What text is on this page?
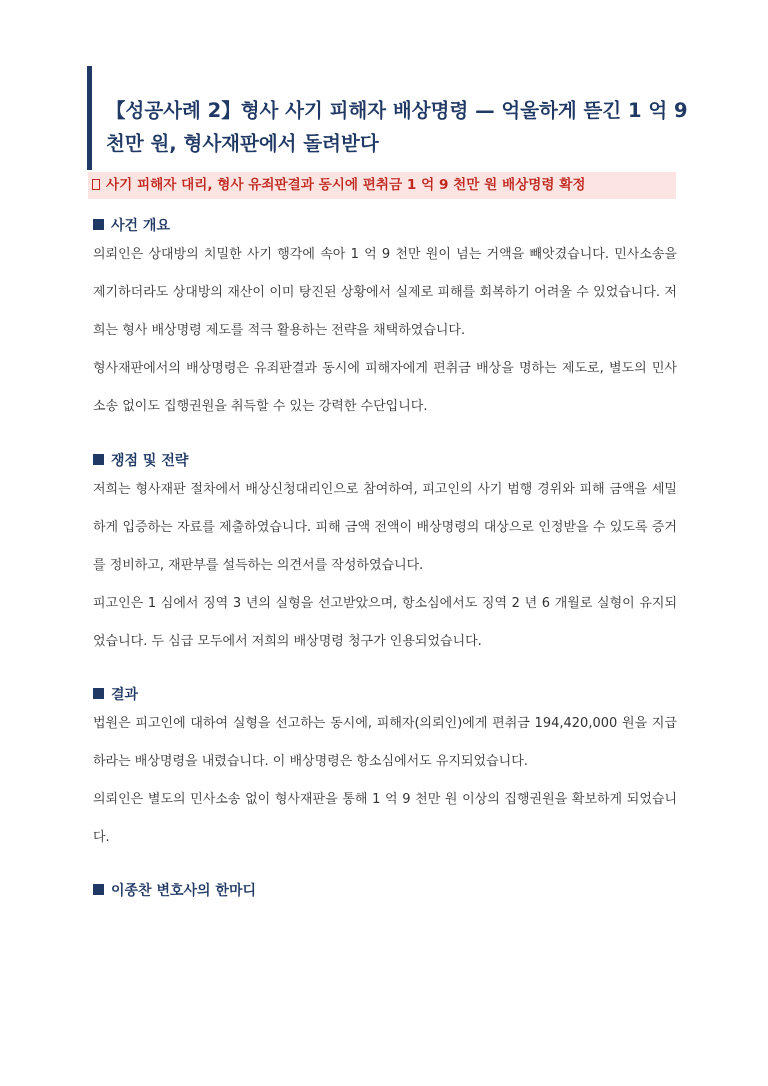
【성공사례 2】형사 사기 피해자 배상명령 — 억울하게 뜯긴 1 억 9 천만 원, 형사재판에서 돌려받다
사기 피해자 대리, 형사 유죄판결과 동시에 편취금 1 억 9 천만 원 배상명령 확정
사건 개요

의뢰인은 상대방의 치밀한 사기 행각에 속아 1 억 9 천만 원이 넘는 거액을 빼앗겼습니다. 민사소송을 제기하더라도 상대방의 재산이 이미 탕진된 상황에서 실제로 피해를 회복하기 어려울 수 있었습니다. 저희는 형사 배상명령 제도를 적극 활용하는 전략을 채택하였습니다.

형사재판에서의 배상명령은 유죄판결과 동시에 피해자에게 편취금 배상을 명하는 제도로, 별도의 민사소송 없이도 집행권원을 취득할 수 있는 강력한 수단입니다.

쟁점 및 전략

저희는 형사재판 절차에서 배상신청대리인으로 참여하여, 피고인의 사기 범행 경위와 피해 금액을 세밀하게 입증하는 자료를 제출하였습니다. 피해 금액 전액이 배상명령의 대상으로 인정받을 수 있도록 증거를 정비하고, 재판부를 설득하는 의견서를 작성하였습니다.

피고인은 1 심에서 징역 3 년의 실형을 선고받았으며, 항소심에서도 징역 2 년 6 개월로 실형이 유지되었습니다. 두 심급 모두에서 저희의 배상명령 청구가 인용되었습니다.

결과

법원은 피고인에 대하여 실형을 선고하는 동시에, 피해자(의뢰인)에게 편취금 194,420,000 원을 지급하라는 배상명령을 내렸습니다. 이 배상명령은 항소심에서도 유지되었습니다.

의뢰인은 별도의 민사소송 없이 형사재판을 통해 1 억 9 천만 원 이상의 집행권원을 확보하게 되었습니다.

이종찬 변호사의 한마디
